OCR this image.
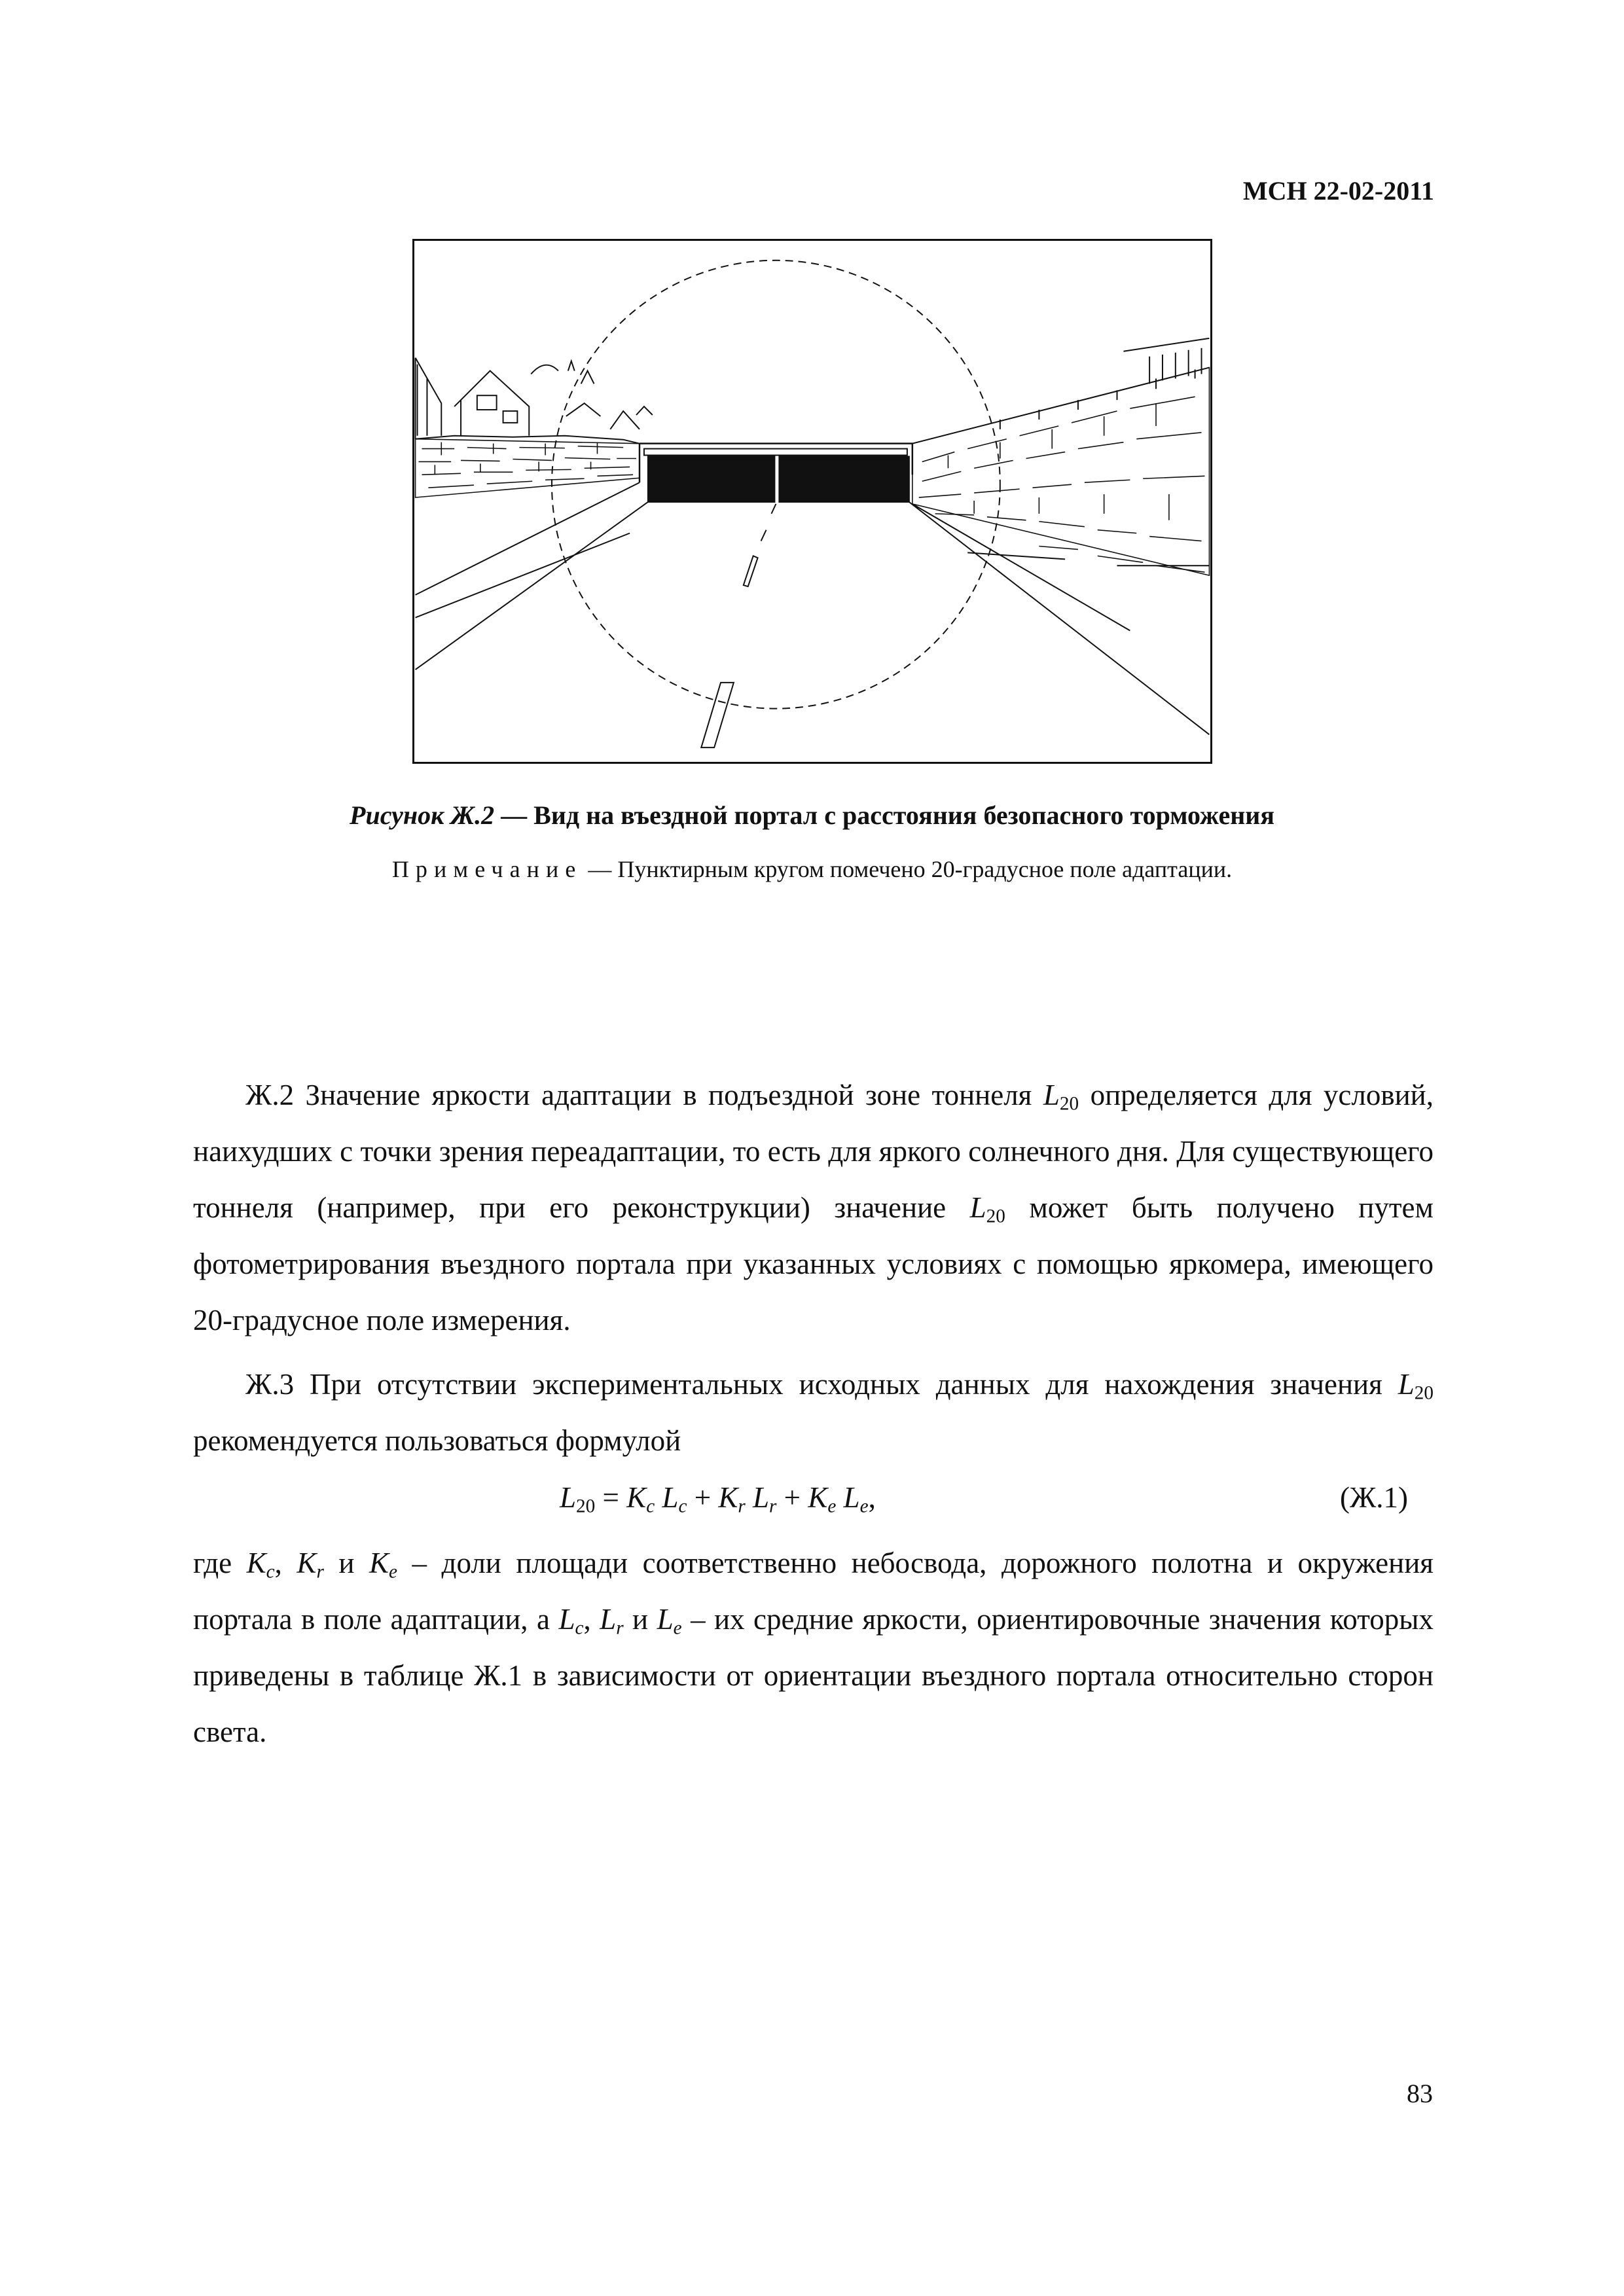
МСН 22-02-2011
Рисунок Ж.2 — Вид на въездной портал с расстояния безопасного торможения
Примечание — Пунктирным кругом помечено 20-градусное поле адаптации.
Ж.2 Значение яркости адаптации в подъездной зоне тоннеля $L_{20}$ определяется для условий, наихудших с точки зрения переадаптации, то есть для яркого солнечного дня. Для существующего тоннеля (например, при его реконструкции) значение $L_{20}$ может быть получено путем фотометрирования въездного портала при указанных условиях с помощью яркомера, имеющего 20-градусное поле измерения.
Ж.3 При отсутствии экспериментальных исходных данных для нахождения значения $L_{20}$ рекомендуется пользоваться формулой
$L_{20} = K_c$ $L_c + K_r$ $L_r + K_e$ $L_e$,	(Ж.1)
где $K_c$, $K_r$ и $K_e$ – доли площади соответственно небосвода, дорожного полотна и окружения портала в поле адаптации, а $L_c$, $L_r$ и $L_e$ – их средние яркости, ориентировочные значения которых приведены в таблице Ж.1 в зависимости от ориентации въездного портала относительно сторон света.
83
